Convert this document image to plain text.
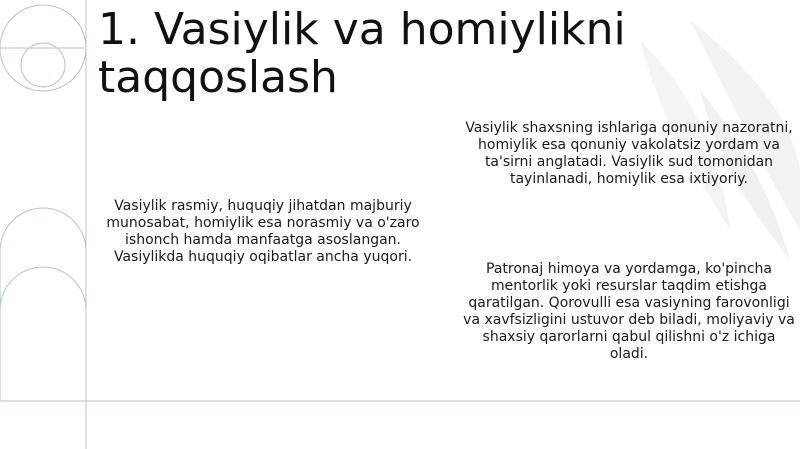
1. Vasiylik va homiylikni taqqoslash
Vasiylik rasmiy, huquqiy jihatdan majburiy munosabat, homiylik esa norasmiy va o'zaro ishonch hamda manfaatga asoslangan. Vasiylikda huquqiy oqibatlar ancha yuqori.
Vasiylik shaxsning ishlariga qonuniy nazoratni, homiylik esa qonuniy vakolatsiz yordam va ta'sirni anglatadi. Vasiylik sud tomonidan tayinlanadi, homiylik esa ixtiyoriy.
Patronaj himoya va yordamga, ko'pincha mentorlik yoki resurslar taqdim etishga qaratilgan. Qorovulli esa vasiyning farovonligi va xavfsizligini ustuvor deb biladi, moliyaviy va shaxsiy qarorlarni qabul qilishni o'z ichiga oladi.
